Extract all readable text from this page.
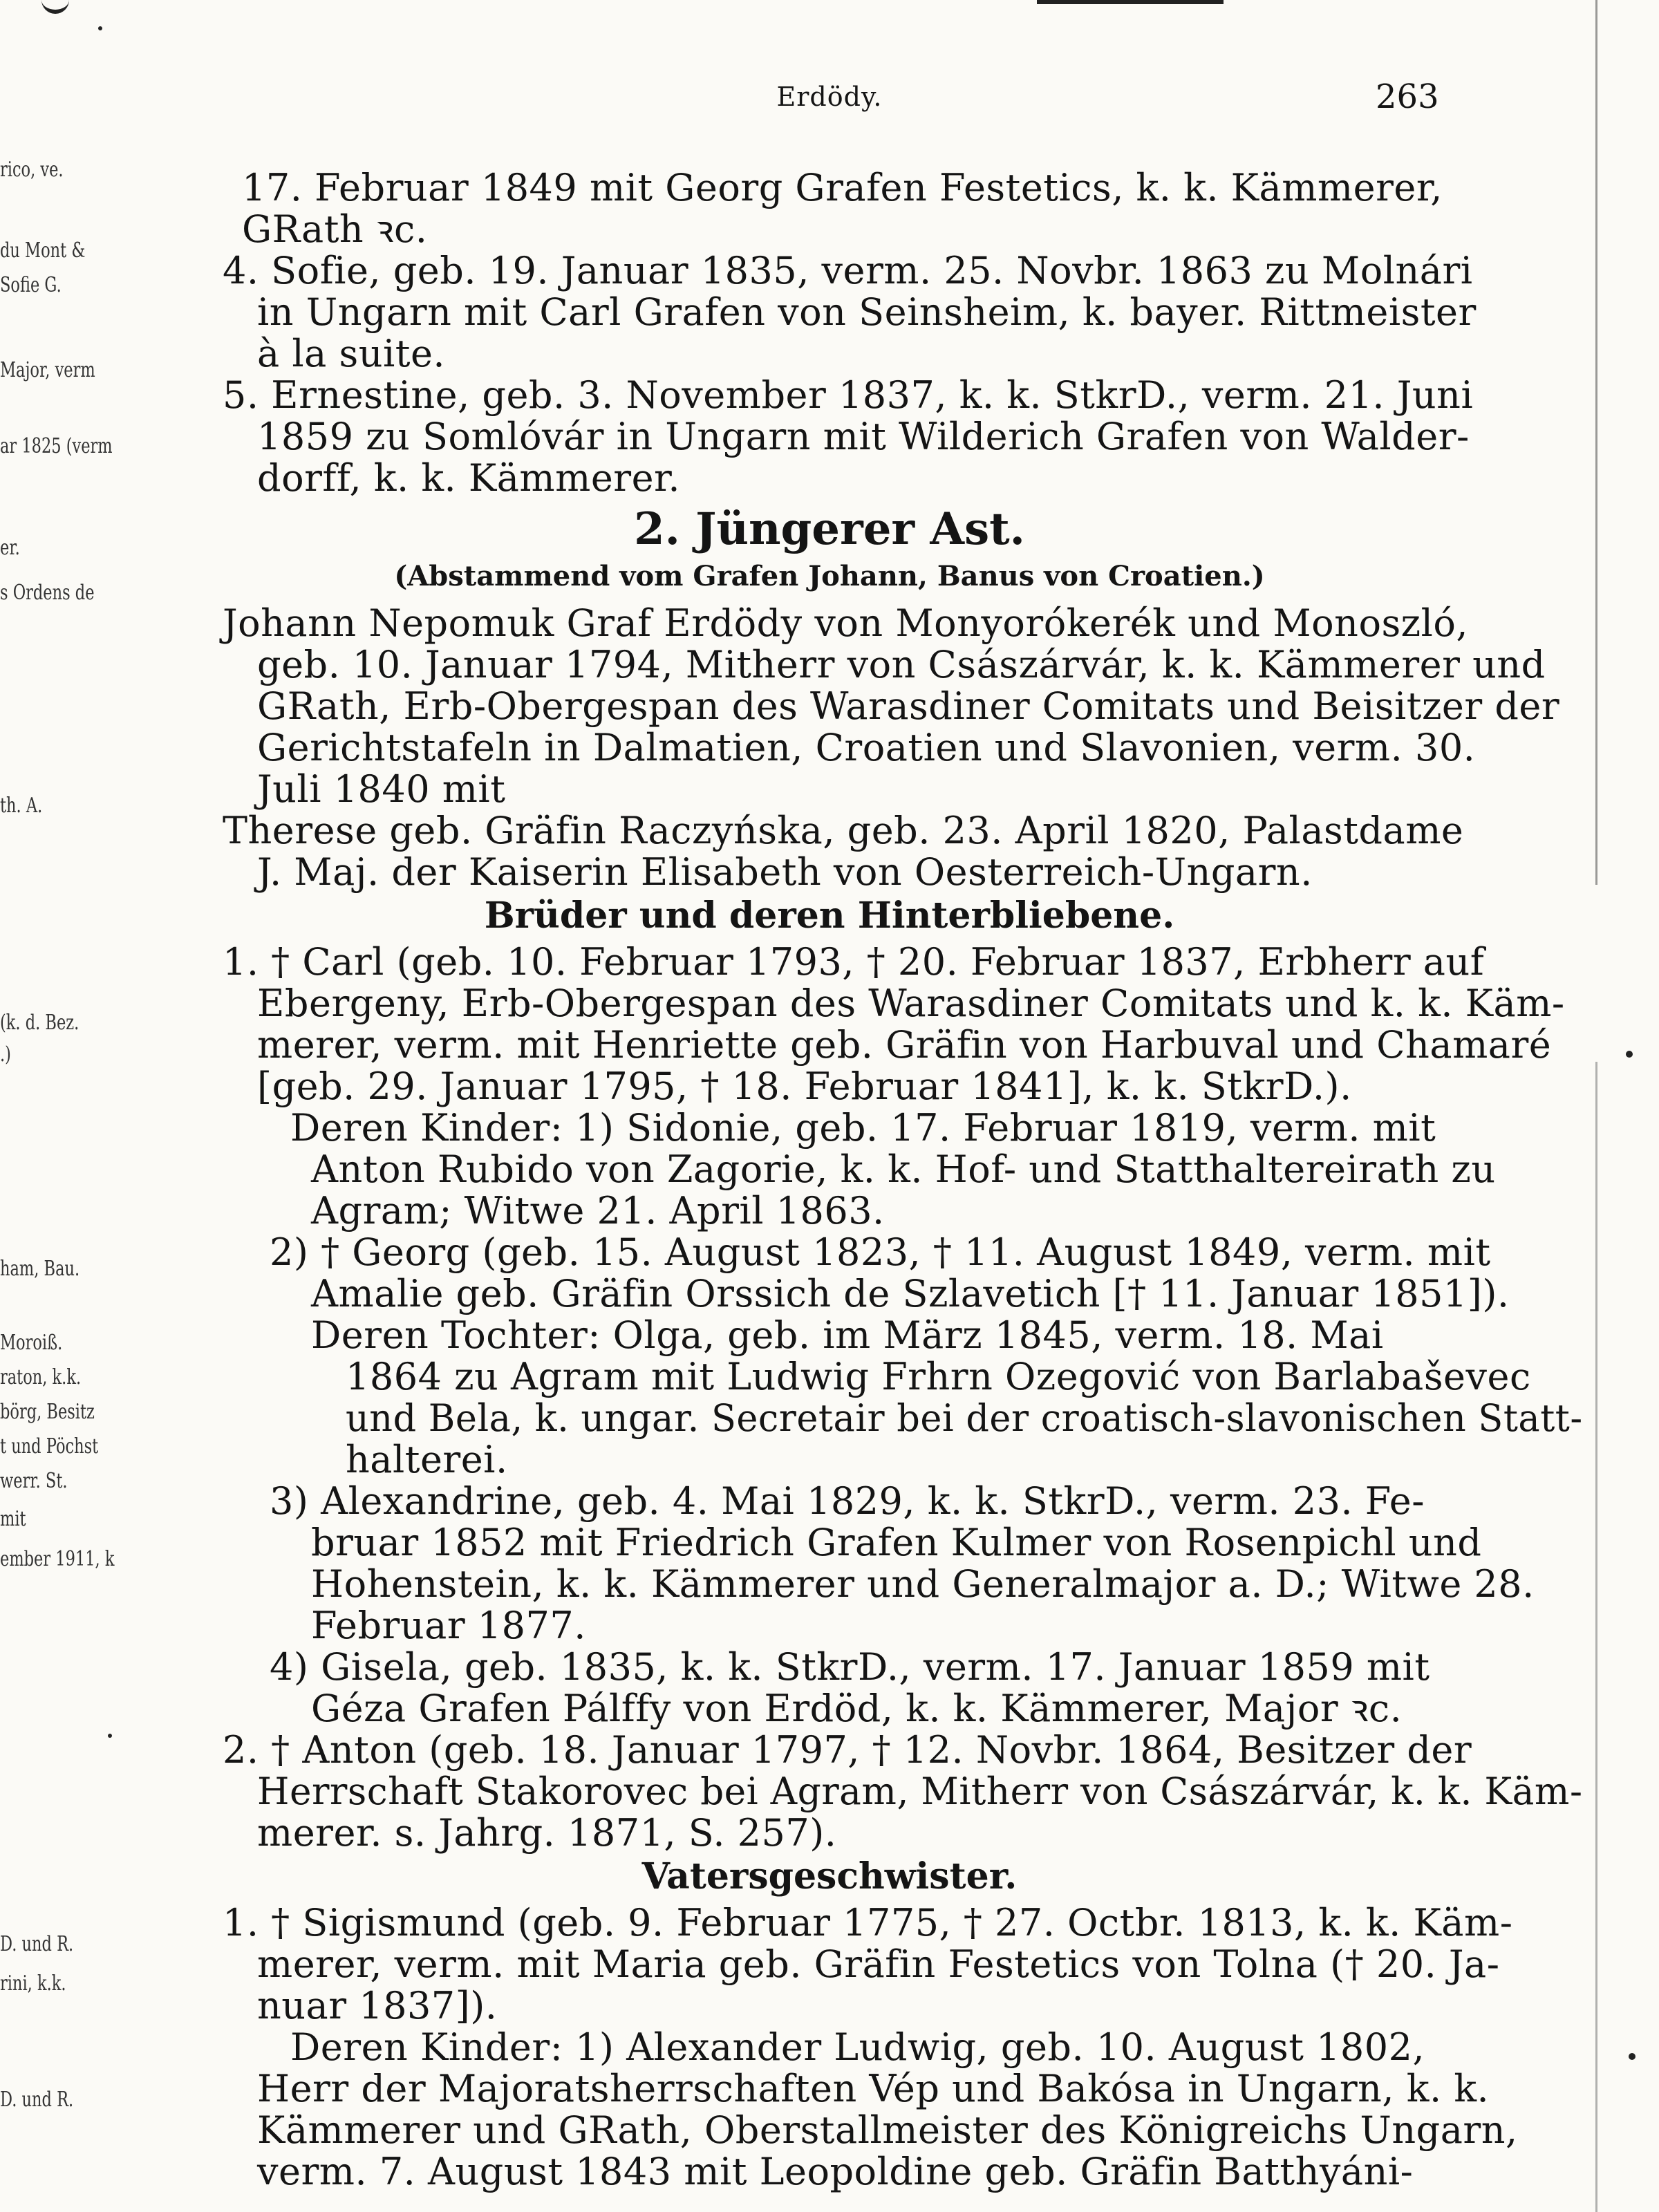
rico, ve.
du Mont &
Sofie G.
Major, verm
ar 1825 (verm
er.
s Ordens de
th. A.
(k. d. Bez.
.)
ham, Bau.
Moroiß.
raton, k.k.
börg, Besitz
t und Pöchst
werr. St.
mit
ember 1911, k
D. und R.
rini, k.k.
D. und R.
Erdödy.	263
17. Februar 1849 mit Georg Grafen Festetics, k. k. Kämmerer,
GRath ꝛc.
4. Sofie, geb. 19. Januar 1835, verm. 25. Novbr. 1863 zu Molnári
in Ungarn mit Carl Grafen von Seinsheim, k. bayer. Rittmeister
à la suite.
5. Ernestine, geb. 3. November 1837, k. k. StkrD., verm. 21. Juni
1859 zu Somlóvár in Ungarn mit Wilderich Grafen von Walder-
dorff, k. k. Kämmerer.
2. Jüngerer Ast.
(Abstammend vom Grafen Johann, Banus von Croatien.)
Johann Nepomuk Graf Erdödy von Monyorókerék und Monoszló,
geb. 10. Januar 1794, Mitherr von Császárvár, k. k. Kämmerer und
GRath, Erb-Obergespan des Warasdiner Comitats und Beisitzer der
Gerichtstafeln in Dalmatien, Croatien und Slavonien, verm. 30.
Juli 1840 mit
Therese geb. Gräfin Raczyńska, geb. 23. April 1820, Palastdame
J. Maj. der Kaiserin Elisabeth von Oesterreich-Ungarn.
Brüder und deren Hinterbliebene.
1. † Carl (geb. 10. Februar 1793, † 20. Februar 1837, Erbherr auf
Ebergeny, Erb-Obergespan des Warasdiner Comitats und k. k. Käm-
merer, verm. mit Henriette geb. Gräfin von Harbuval und Chamaré
[geb. 29. Januar 1795, † 18. Februar 1841], k. k. StkrD.).
Deren Kinder: 1) Sidonie, geb. 17. Februar 1819, verm. mit
Anton Rubido von Zagorie, k. k. Hof- und Statthaltereirath zu
Agram; Witwe 21. April 1863.
2) † Georg (geb. 15. August 1823, † 11. August 1849, verm. mit
Amalie geb. Gräfin Orssich de Szlavetich [† 11. Januar 1851]).
Deren Tochter: Olga, geb. im März 1845, verm. 18. Mai
1864 zu Agram mit Ludwig Frhrn Ozegović von Barlabaševec
und Bela, k. ungar. Secretair bei der croatisch-slavonischen Statt-
halterei.
3) Alexandrine, geb. 4. Mai 1829, k. k. StkrD., verm. 23. Fe-
bruar 1852 mit Friedrich Grafen Kulmer von Rosenpichl und
Hohenstein, k. k. Kämmerer und Generalmajor a. D.; Witwe 28.
Februar 1877.
4) Gisela, geb. 1835, k. k. StkrD., verm. 17. Januar 1859 mit
Géza Grafen Pálffy von Erdöd, k. k. Kämmerer, Major ꝛc.
2. † Anton (geb. 18. Januar 1797, † 12. Novbr. 1864, Besitzer der
Herrschaft Stakorovec bei Agram, Mitherr von Császárvár, k. k. Käm-
merer. s. Jahrg. 1871, S. 257).
Vatersgeschwister.
1. † Sigismund (geb. 9. Februar 1775, † 27. Octbr. 1813, k. k. Käm-
merer, verm. mit Maria geb. Gräfin Festetics von Tolna († 20. Ja-
nuar 1837]).
Deren Kinder: 1) Alexander Ludwig, geb. 10. August 1802,
Herr der Majoratsherrschaften Vép und Bakósa in Ungarn, k. k.
Kämmerer und GRath, Oberstallmeister des Königreichs Ungarn,
verm. 7. August 1843 mit Leopoldine geb. Gräfin Batthyáni-
